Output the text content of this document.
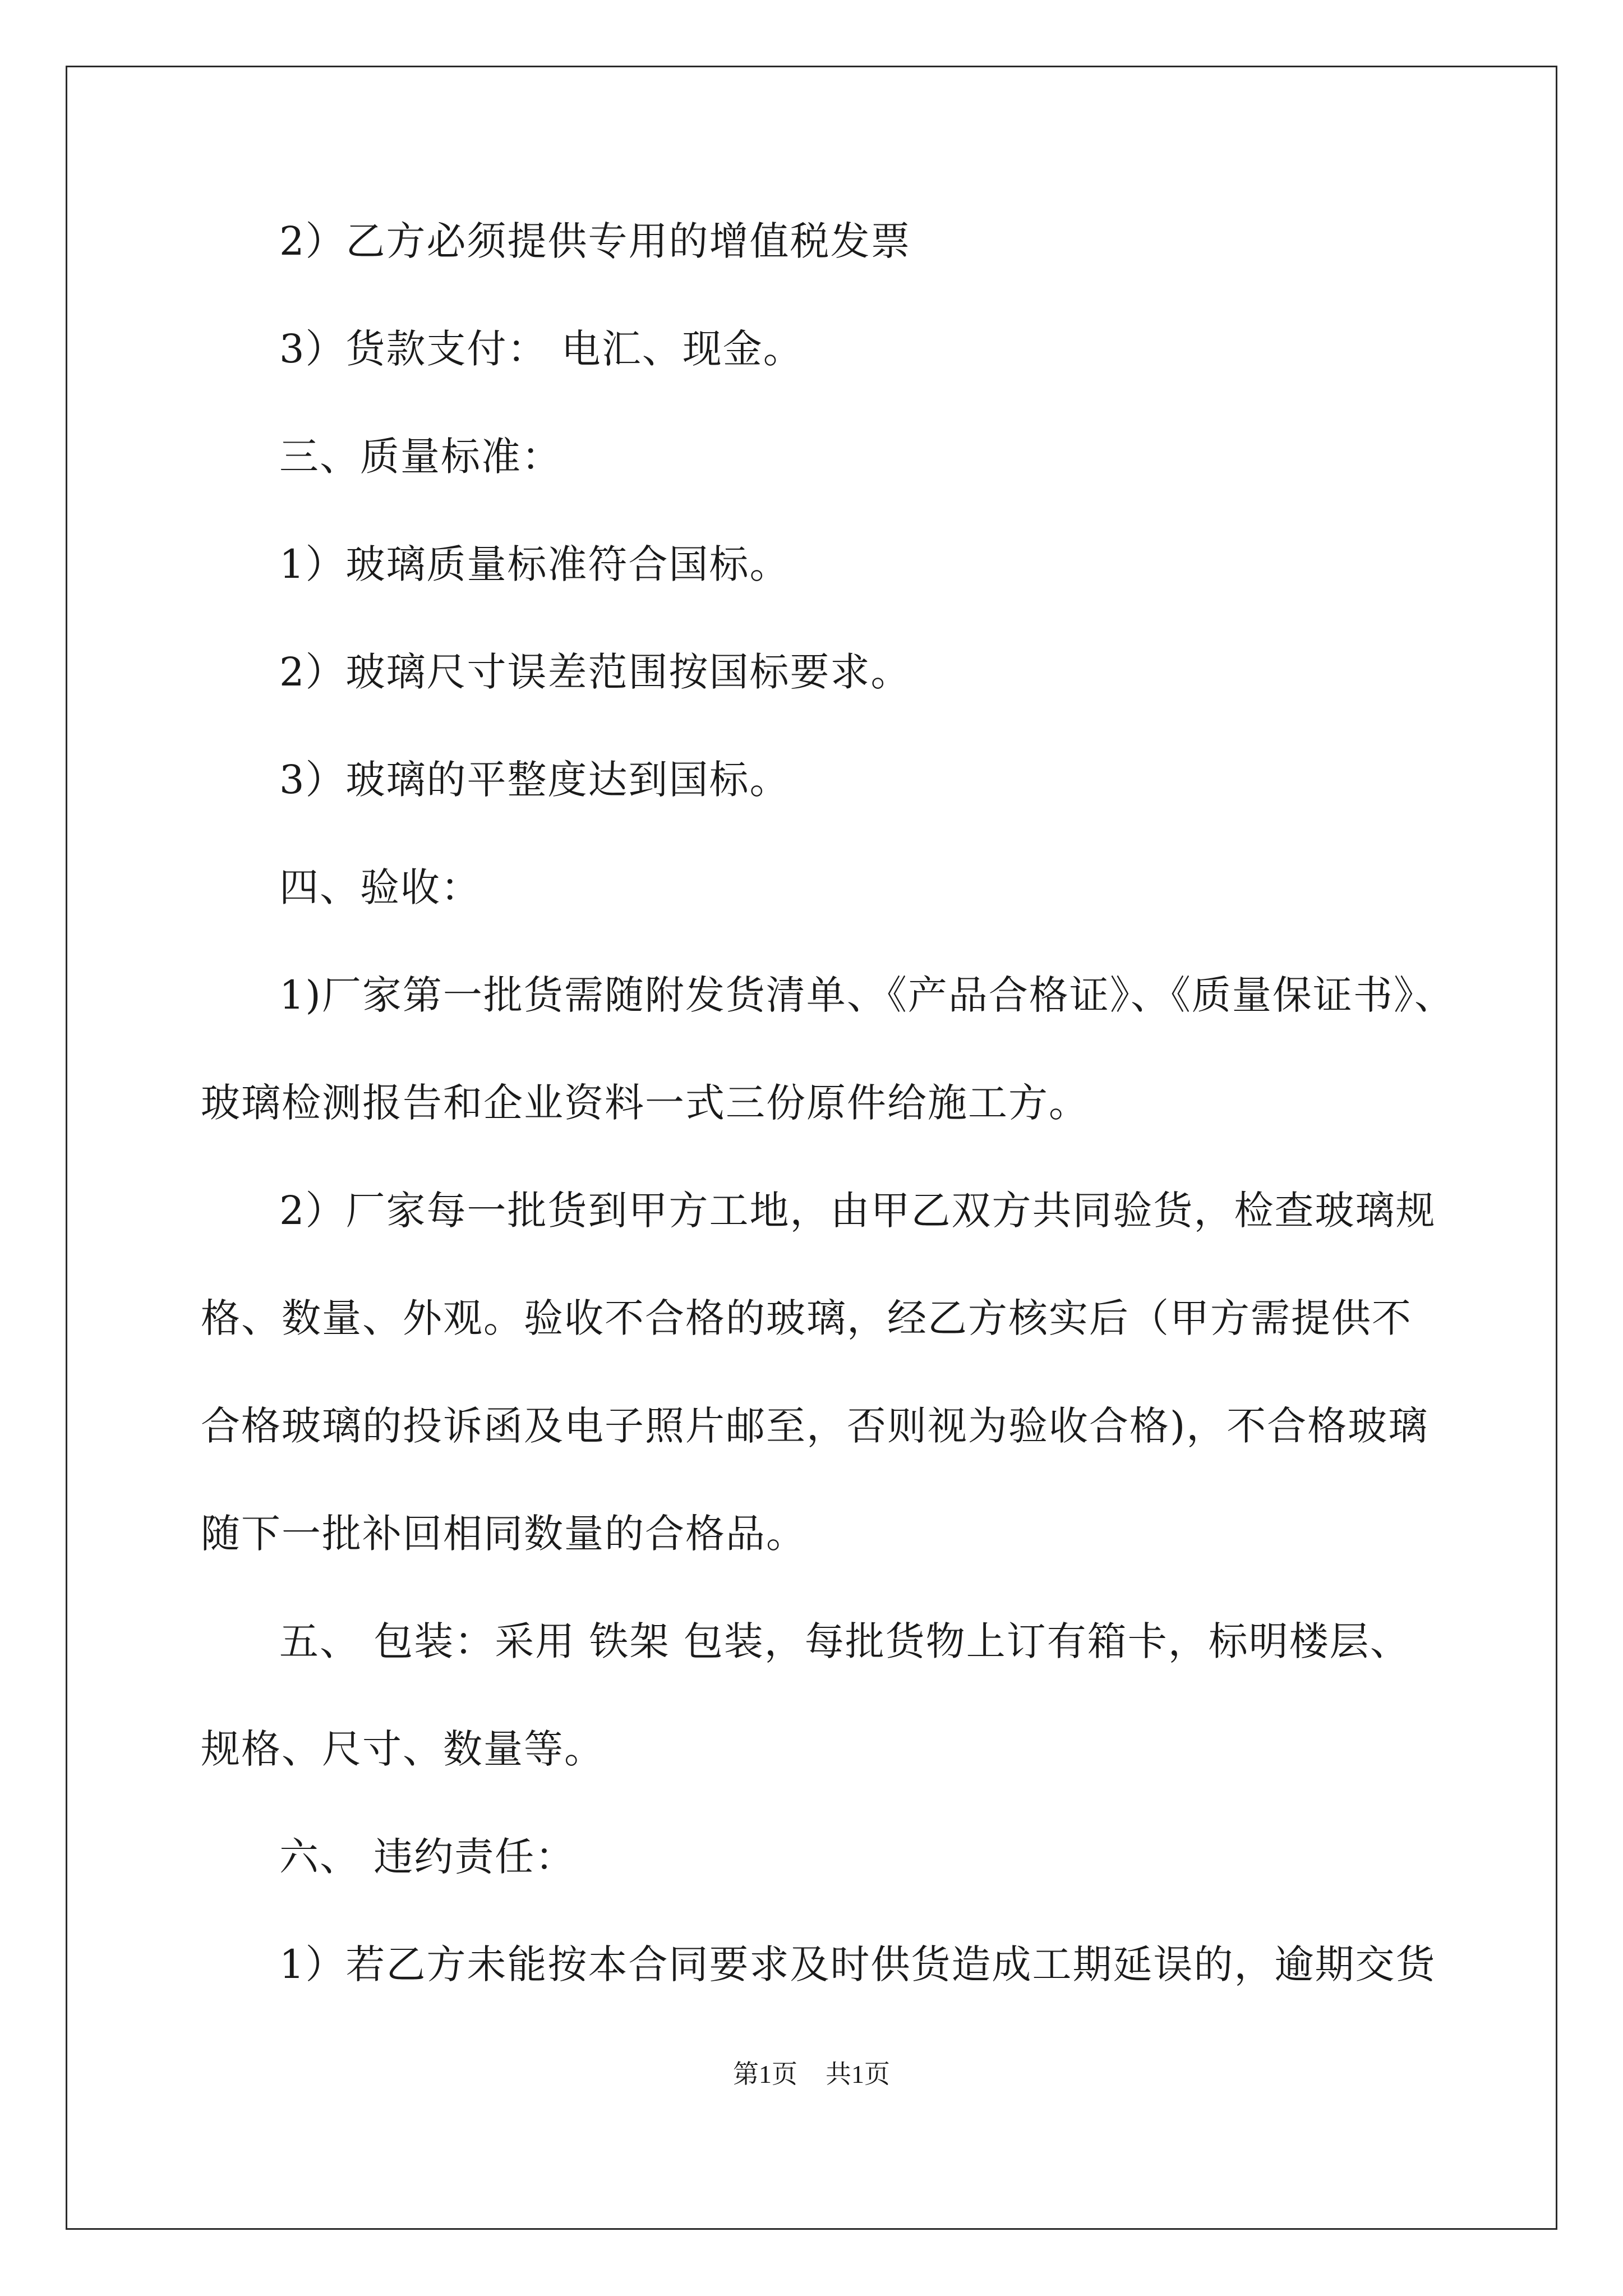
2）乙方必须提供专用的增值税发票
3）货款支付： 电汇、现金。
三、质量标准：
1）玻璃质量标准符合国标。
2）玻璃尺寸误差范围按国标要求。
3）玻璃的平整度达到国标。
四、验收：
1)厂家第一批货需随附发货清单、《产品合格证》、《质量保证书》、
玻璃检测报告和企业资料一式三份原件给施工方。
2）厂家每一批货到甲方工地，由甲乙双方共同验货，检查玻璃规
格、数量、外观。验收不合格的玻璃，经乙方核实后（甲方需提供不
合格玻璃的投诉函及电子照片邮至，否则视为验收合格)，不合格玻璃
随下一批补回相同数量的合格品。
五、 包装：采用 铁架 包装，每批货物上订有箱卡，标明楼层、
规格、尺寸、数量等。
六、 违约责任：
1）若乙方未能按本合同要求及时供货造成工期延误的，逾期交货
第1页 共1页
